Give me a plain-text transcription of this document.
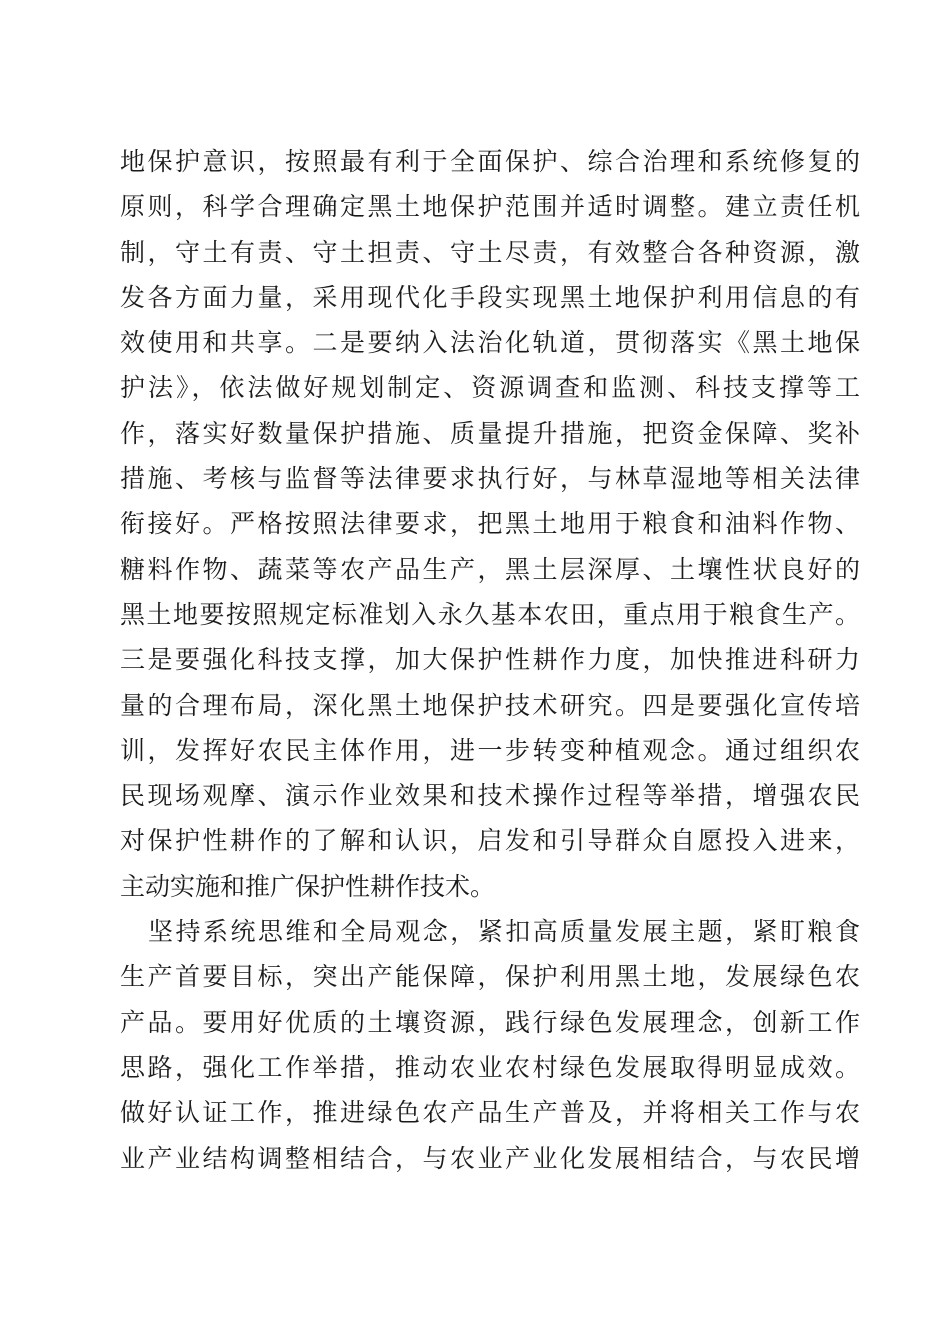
地保护意识，按照最有利于全面保护、综合治理和系统修复的
原则，科学合理确定黑土地保护范围并适时调整。建立责任机
制，守土有责、守土担责、守土尽责，有效整合各种资源，激
发各方面力量，采用现代化手段实现黑土地保护利用信息的有
效使用和共享。二是要纳入法治化轨道，贯彻落实《黑土地保
护法》，依法做好规划制定、资源调查和监测、科技支撑等工
作，落实好数量保护措施、质量提升措施，把资金保障、奖补
措施、考核与监督等法律要求执行好，与林草湿地等相关法律
衔接好。严格按照法律要求，把黑土地用于粮食和油料作物、
糖料作物、蔬菜等农产品生产，黑土层深厚、土壤性状良好的
黑土地要按照规定标准划入永久基本农田，重点用于粮食生产。
三是要强化科技支撑，加大保护性耕作力度，加快推进科研力
量的合理布局，深化黑土地保护技术研究。四是要强化宣传培
训，发挥好农民主体作用，进一步转变种植观念。通过组织农
民现场观摩、演示作业效果和技术操作过程等举措，增强农民
对保护性耕作的了解和认识，启发和引导群众自愿投入进来，
主动实施和推广保护性耕作技术。
坚持系统思维和全局观念，紧扣高质量发展主题，紧盯粮食
生产首要目标，突出产能保障，保护利用黑土地，发展绿色农
产品。要用好优质的土壤资源，践行绿色发展理念，创新工作
思路，强化工作举措，推动农业农村绿色发展取得明显成效。
做好认证工作，推进绿色农产品生产普及，并将相关工作与农
业产业结构调整相结合，与农业产业化发展相结合，与农民增
